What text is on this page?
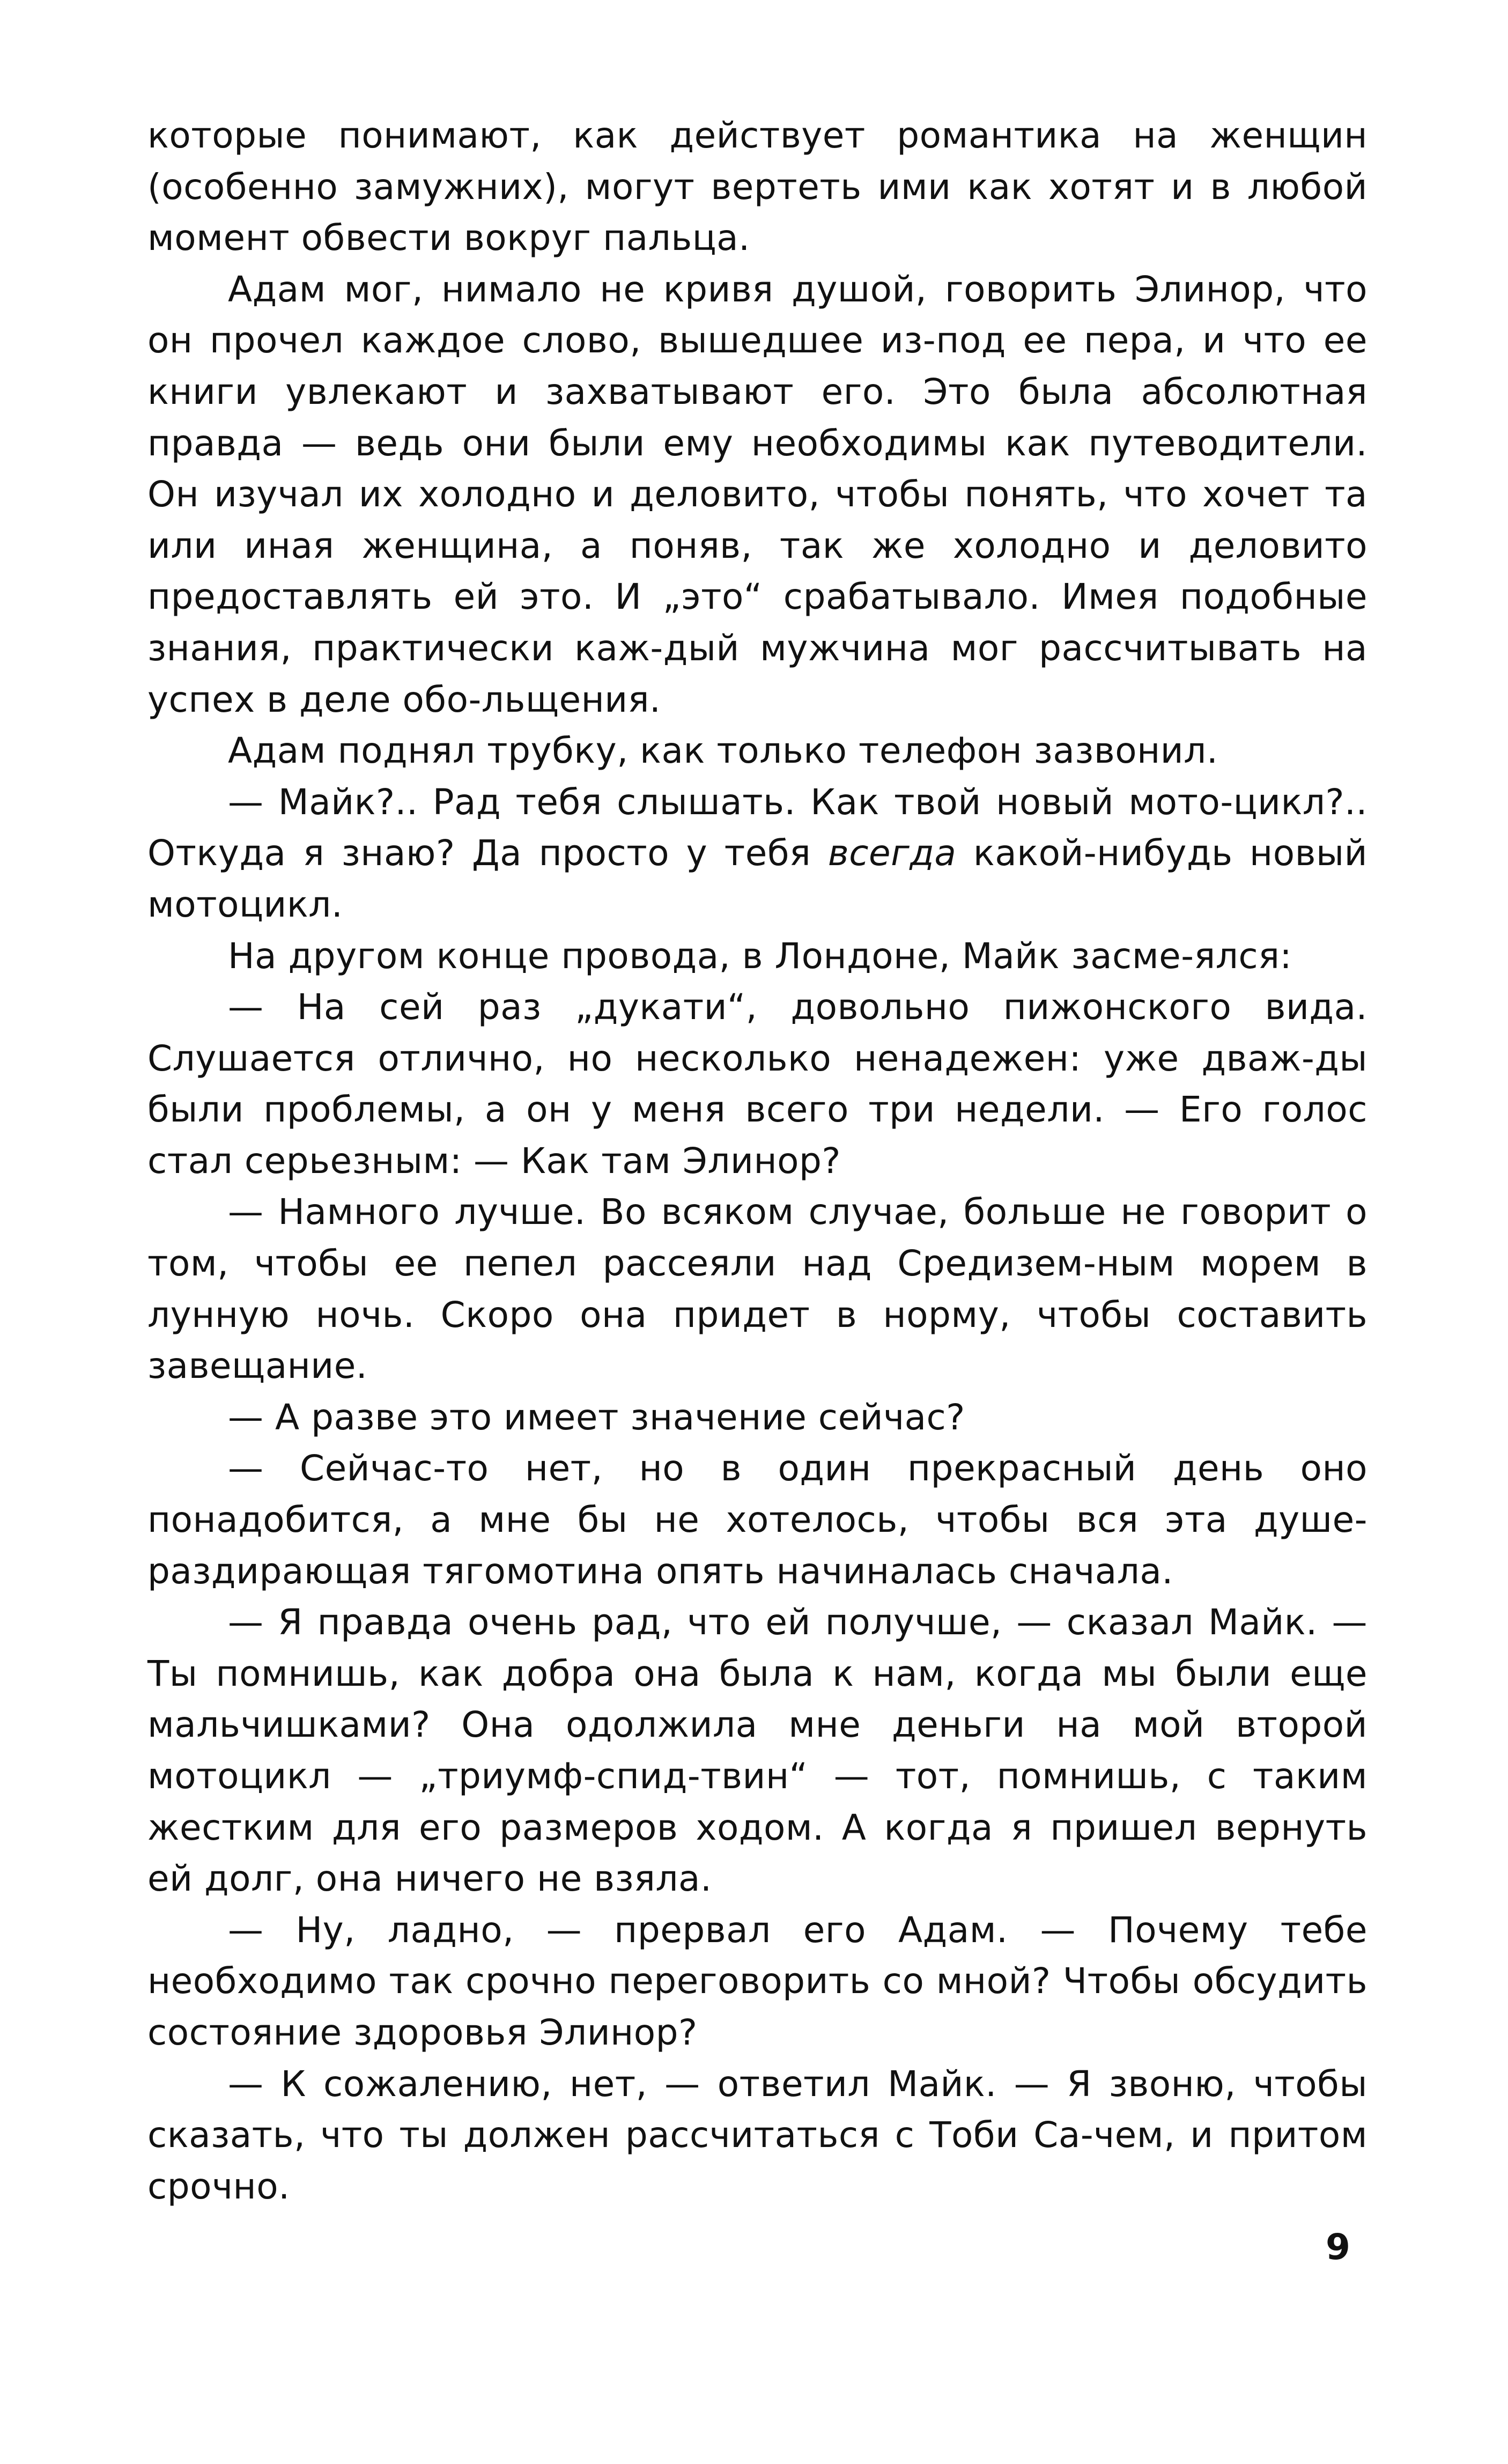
которые понимают, как действует романтика на женщин (особенно замужних), могут вертеть ими как хотят и в любой момент обвести вокруг пальца.

Адам мог, нимало не кривя душой, говорить Элинор, что он прочел каждое слово, вышедшее из-под ее пера, и что ее книги увлекают и захватывают его. Это была абсолютная правда — ведь они были ему необходимы как путеводители. Он изучал их холодно и деловито, чтобы понять, что хочет та или иная женщина, а поняв, так же холодно и деловито предоставлять ей это. И „это“ срабатывало. Имея подобные знания, практически каж-дый мужчина мог рассчитывать на успех в деле обо-льщения.

Адам поднял трубку, как только телефон зазвонил.

— Майк?.. Рад тебя слышать. Как твой новый мото-цикл?.. Откуда я знаю? Да просто у тебя всегда какой-нибудь новый мотоцикл.

На другом конце провода, в Лондоне, Майк засме-ялся:

— На сей раз „дукати“, довольно пижонского вида. Слушается отлично, но несколько ненадежен: уже дваж-ды были проблемы, а он у меня всего три недели. — Его голос стал серьезным: — Как там Элинор?

— Намного лучше. Во всяком случае, больше не говорит о том, чтобы ее пепел рассеяли над Средизем-ным морем в лунную ночь. Скоро она придет в норму, чтобы составить завещание.

— А разве это имеет значение сейчас?

— Сейчас-то нет, но в один прекрасный день оно понадобится, а мне бы не хотелось, чтобы вся эта душе-раздирающая тягомотина опять начиналась сначала.

— Я правда очень рад, что ей получше, — сказал Майк. — Ты помнишь, как добра она была к нам, когда мы были еще мальчишками? Она одолжила мне деньги на мой второй мотоцикл — „триумф-спид-твин“ — тот, помнишь, с таким жестким для его размеров ходом. А когда я пришел вернуть ей долг, она ничего не взяла.

— Ну, ладно, — прервал его Адам. — Почему тебе необходимо так срочно переговорить со мной? Чтобы обсудить состояние здоровья Элинор?

— К сожалению, нет, — ответил Майк. — Я звоню, чтобы сказать, что ты должен рассчитаться с Тоби Са-чем, и притом срочно.

9
